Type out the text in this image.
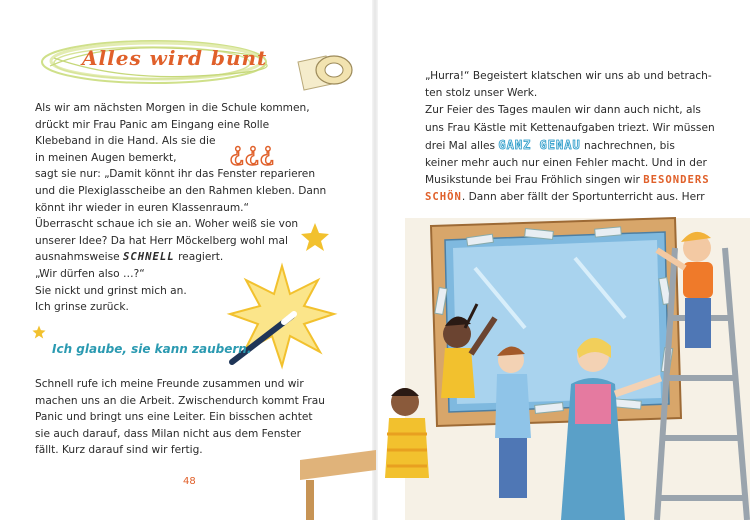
Alles wird bunt
Als wir am nächsten Morgen in die Schule kommen,
drückt mir Frau Panic am Eingang eine Rolle
Klebeband in die Hand. Als sie die
in meinen Augen bemerkt,
sagt sie nur: „Damit könnt ihr das Fenster reparieren
und die Plexiglasscheibe an den Rahmen kleben. Dann
könnt ihr wieder in euren Klassenraum.“
Überrascht schaue ich sie an. Woher weiß sie von
unserer Idee? Da hat Herr Möckelberg wohl mal
ausnahmsweise SCHNELL reagiert.
„Wir dürfen also …?“
Sie nickt und grinst mich an.
Ich grinse zurück.
¿¿¿
Ich glaube, sie kann zaubern.
Schnell rufe ich meine Freunde zusammen und wir
machen uns an die Arbeit. Zwischendurch kommt Frau
Panic und bringt uns eine Leiter. Ein bisschen achtet
sie auch darauf, dass Milan nicht aus dem Fenster
fällt. Kurz darauf sind wir fertig.
48
„Hurra!“ Begeistert klatschen wir uns ab und betrach-
ten stolz unser Werk.
Zur Feier des Tages maulen wir dann auch nicht, als
uns Frau Kästle mit Kettenaufgaben triezt. Wir müssen
drei Mal alles GANZ GENAU nachrechnen, bis
keiner mehr auch nur einen Fehler macht. Und in der
Musikstunde bei Frau Fröhlich singen wir BESONDERS
SCHÖN. Dann aber fällt der Sportunterricht aus. Herr
